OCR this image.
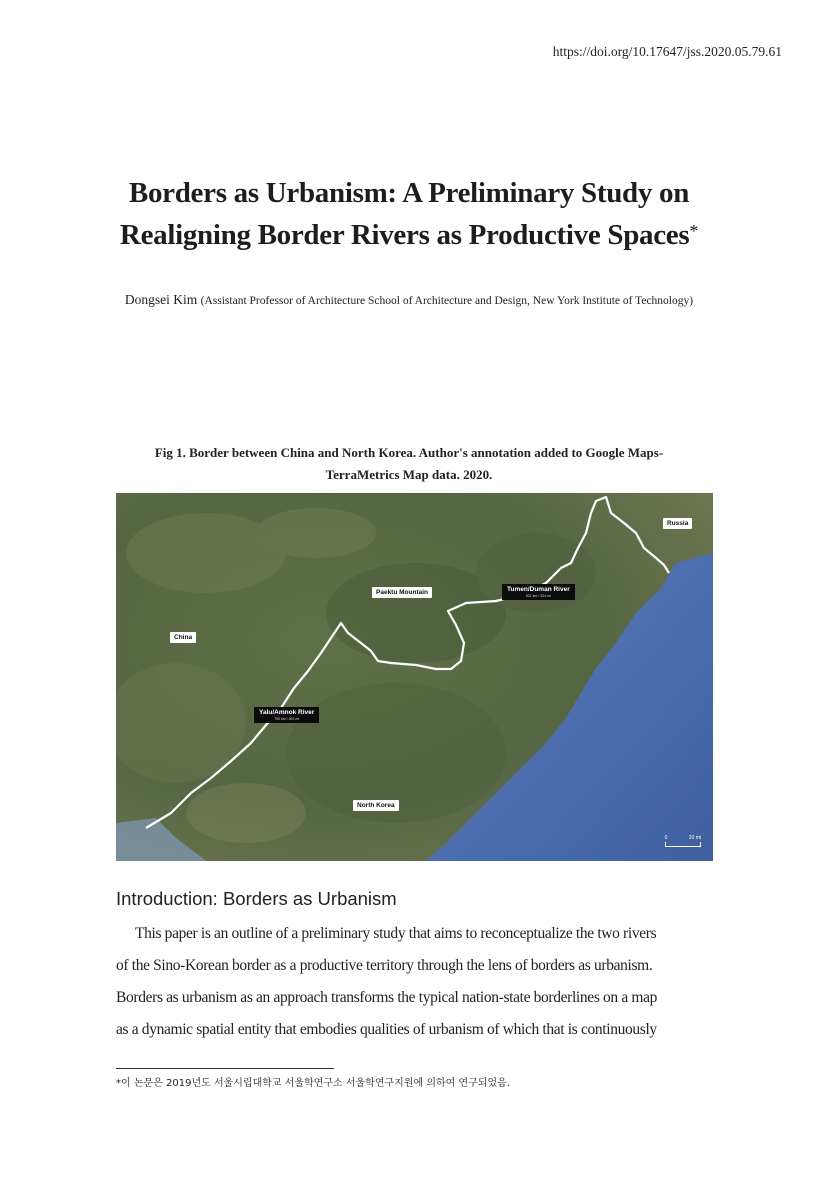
https://doi.org/10.17647/jss.2020.05.79.61
Borders as Urbanism: A Preliminary Study on
Realigning Border Rivers as Productive Spaces*
Dongsei Kim (Assistant Professor of Architecture School of Architecture and Design, New York Institute of Technology)
Fig 1. Border between China and North Korea. Author's annotation added to Google Maps-
TerraMetrics Map data. 2020.
Russia
China
Paektu Mountain	Tumen/Duman River
521 km / 324 mi
Yalu/Amnok River
790 km / 491 mi
North Korea
0	20 mi
Introduction: Borders as Urbanism
This paper is an outline of a preliminary study that aims to reconceptualize the two rivers
of the Sino-Korean border as a productive territory through the lens of borders as urbanism.
Borders as urbanism as an approach transforms the typical nation-state borderlines on a map
as a dynamic spatial entity that embodies qualities of urbanism of which that is continuously
*이 논문은 2019년도 서울시립대학교 서울학연구소 서울학연구지원에 의하여 연구되었음.
